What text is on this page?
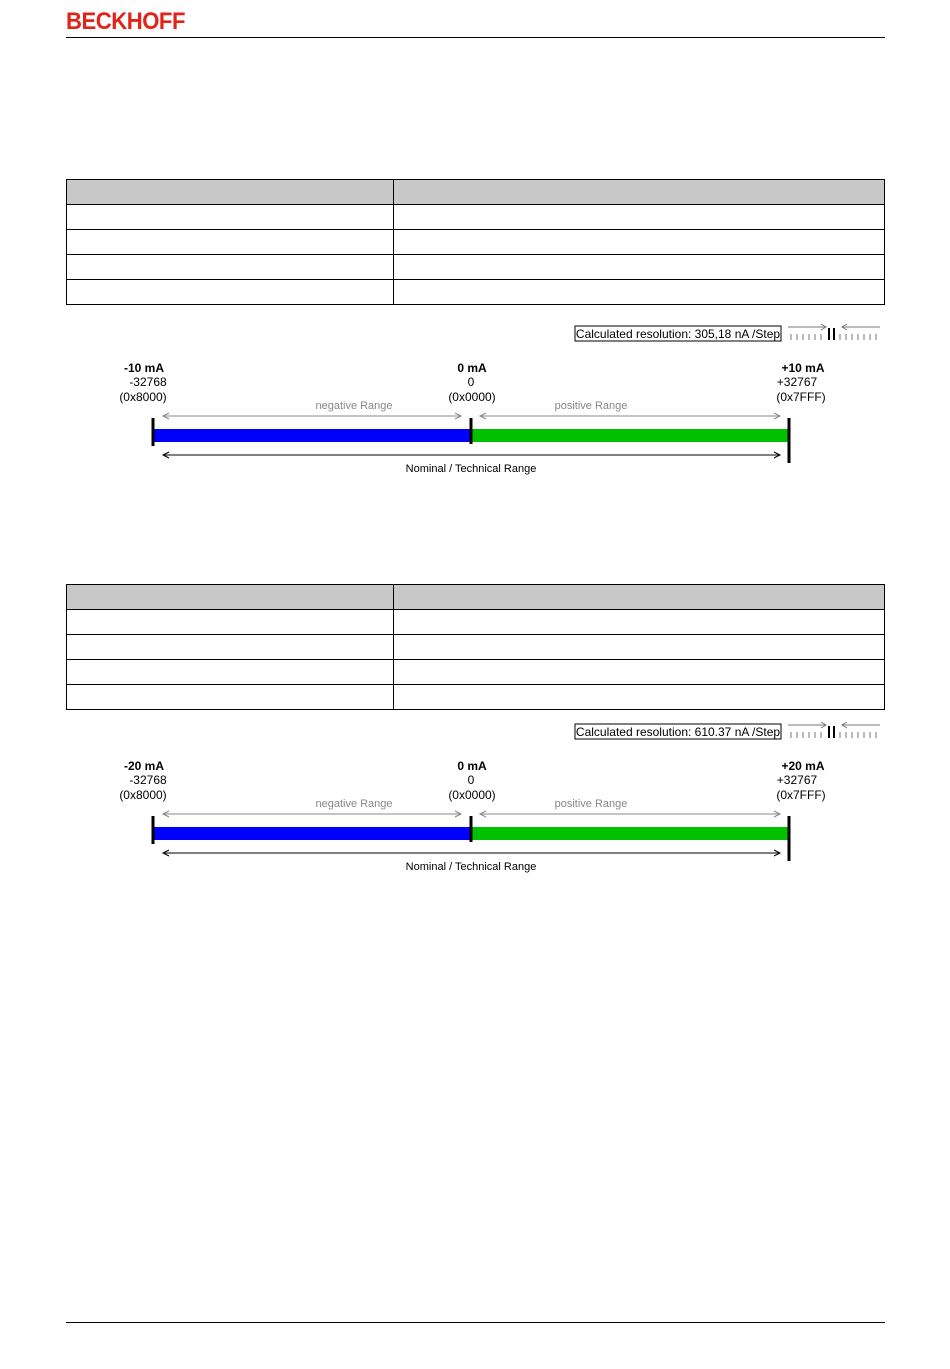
BECKHOFF

Calculated resolution: 305,18 nA /Step
-10 mA
-32768
(0x8000)
0 mA
0
(0x0000)
+10 mA
+32767
(0x7FFF)
negative Range	positive Range
Nominal / Technical Range

Calculated resolution: 610.37 nA /Step
-20 mA
-32768
(0x8000)
0 mA
0
(0x0000)
+20 mA
+32767
(0x7FFF)
negative Range	positive Range
Nominal / Technical Range
